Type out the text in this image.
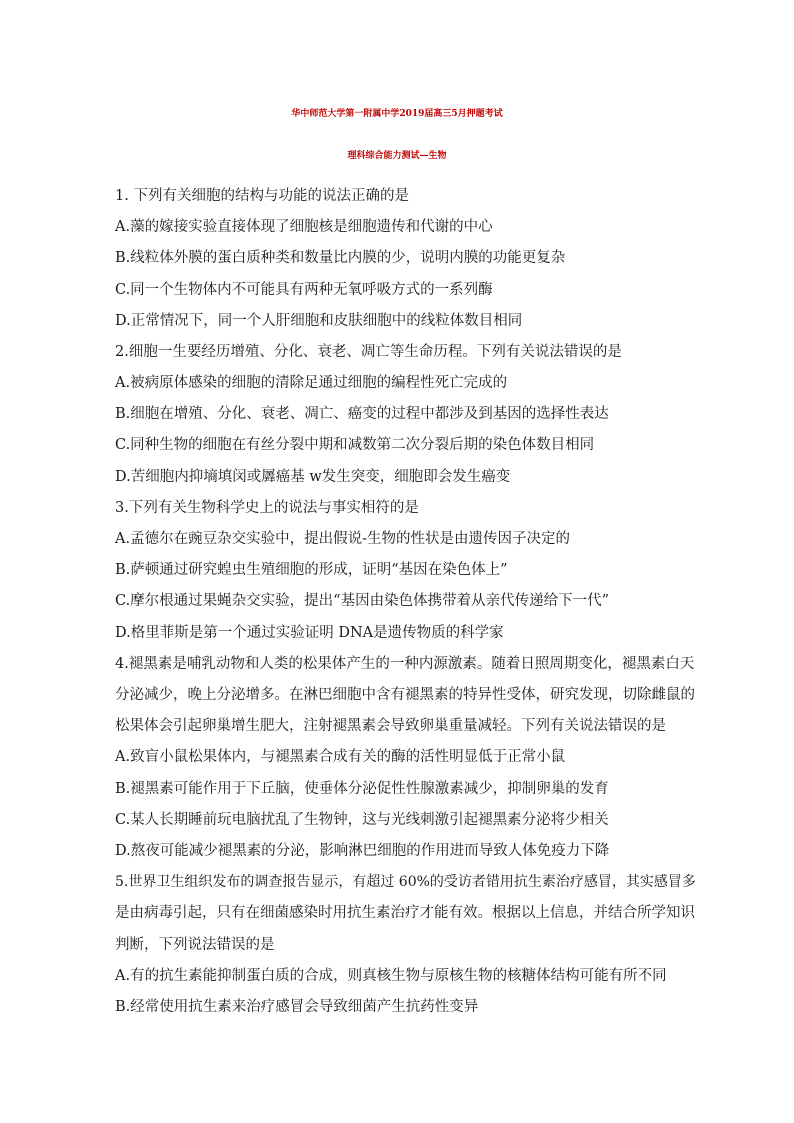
华中师范大学第一附属中学2019届高三5月押题考试
理科综合能力测试—生物
1. 下列有关细胞的结构与功能的说法正确的是
A.藻的嫁接实验直接体现了细胞核是细胞遗传和代谢的中心
B.线粒体外膜的蛋白质种类和数量比内膜的少，说明内膜的功能更复杂
C.同一个生物体内不可能具有两种无氧呼吸方式的一系列酶
D.正常情况下，同一个人肝细胞和皮肤细胞中的线粒体数目相同
2.细胞一生要经历增殖、分化、衰老、凋亡等生命历程。下列有关说法错误的是
A.被病原体感染的细胞的清除足通过细胞的编程性死亡完成的
B.细胞在增殖、分化、衰老、凋亡、癌变的过程中都涉及到基因的选择性表达
C.同种生物的细胞在有丝分裂中期和减数第二次分裂后期的染色体数目相同
D.苦细胞内抑墒填闵或羼癌基 w发生突变，细胞即会发生癌变
3.下列有关生物科学史上的说法与事实相符的是
A.孟德尔在豌豆杂交实验中，提出假说-生物的性状是由遗传因子决定的
B.萨顿通过研究蝗虫生殖细胞的形成，证明“基因在染色体上”
C.摩尔根通过果蝇杂交实验，提出“基因由染色体携带着从亲代传递给下一代”
D.格里菲斯是第一个通过实验证明 DNA是遗传物质的科学家
4.褪黑素是哺乳动物和人类的松果体产生的一种内源激素。随着日照周期变化，褪黑素白天
分泌减少，晚上分泌增多。在淋巴细胞中含有褪黑素的特异性受体，研究发现，切除雌鼠的
松果体会引起卵巢增生肥大，注射褪黑素会导致卵巢重量减轻。下列有关说法错误的是
A.致盲小鼠松果体内，与褪黑素合成有关的酶的活性明显低于正常小鼠
B.褪黑素可能作用于下丘脑，使垂体分泌促性性腺激素减少，抑制卵巢的发育
C.某人长期睡前玩电脑扰乱了生物钟，这与光线刺激引起褪黑素分泌将少相关
D.熬夜可能减少褪黑素的分泌，影响淋巴细胞的作用进而导致人体免疫力下降
5.世界卫生组织发布的调查报告显示，有超过 60%的受访者错用抗生素治疗感冒，其实感冒多
是由病毒引起，只有在细菌感染时用抗生素治疗才能有效。根据以上信息，并结合所学知识
判断，下列说法错误的是
A.有的抗生素能抑制蛋白质的合成，则真核生物与原核生物的核糖体结构可能有所不同
B.经常使用抗生素来治疗感冒会导致细菌产生抗药性变异
